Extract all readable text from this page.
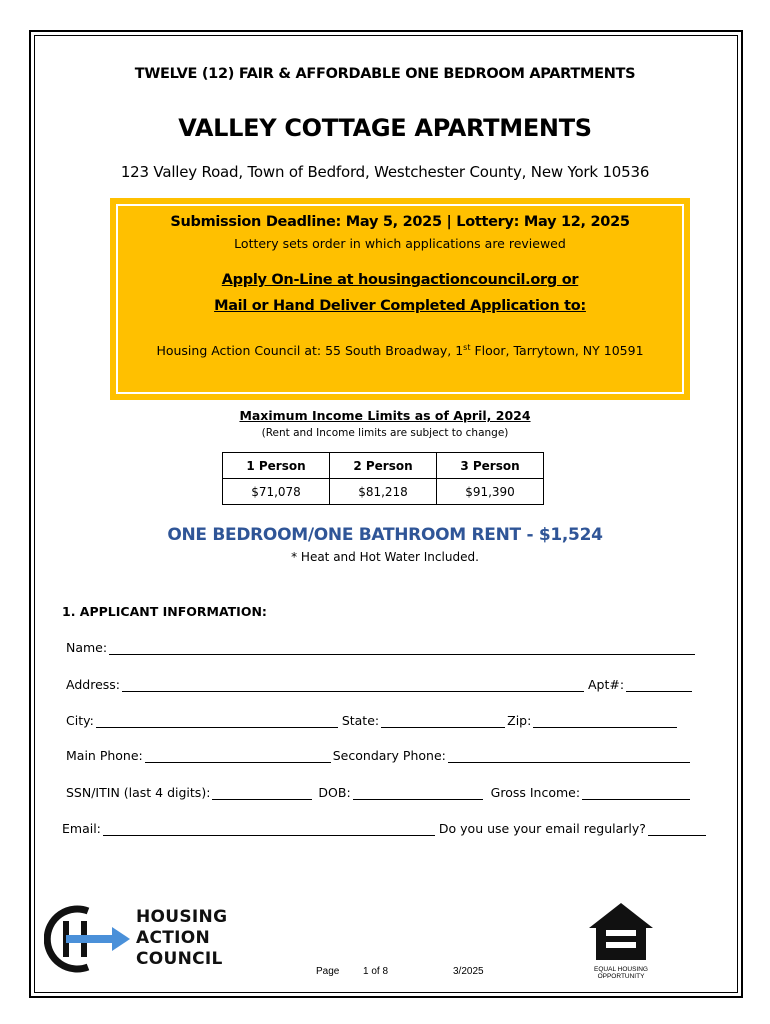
TWELVE (12) FAIR & AFFORDABLE ONE BEDROOM APARTMENTS
VALLEY COTTAGE APARTMENTS
123 Valley Road, Town of Bedford, Westchester County, New York 10536
Submission Deadline: May 5, 2025 | Lottery: May 12, 2025
Lottery sets order in which applications are reviewed
Apply On-Line at housingactioncouncil.org or
Mail or Hand Deliver Completed Application to:
Housing Action Council at: 55 South Broadway, 1st Floor, Tarrytown, NY 10591
Maximum Income Limits as of April, 2024
(Rent and Income limits are subject to change)
1 Person	2 Person	3 Person
$71,078	$81,218	$91,390
ONE BEDROOM/ONE BATHROOM RENT - $1,524
* Heat and Hot Water Included.
1. APPLICANT INFORMATION:
Name:
Address:	Apt#:
City:	State:	Zip:
Main Phone:	Secondary Phone:
SSN/ITIN (last 4 digits):	DOB:	Gross Income:
Email:	Do you use your email regularly?
HOUSING
ACTION
COUNCIL
Page 1 of 8	3/2025	EQUAL HOUSING
OPPORTUNITY
